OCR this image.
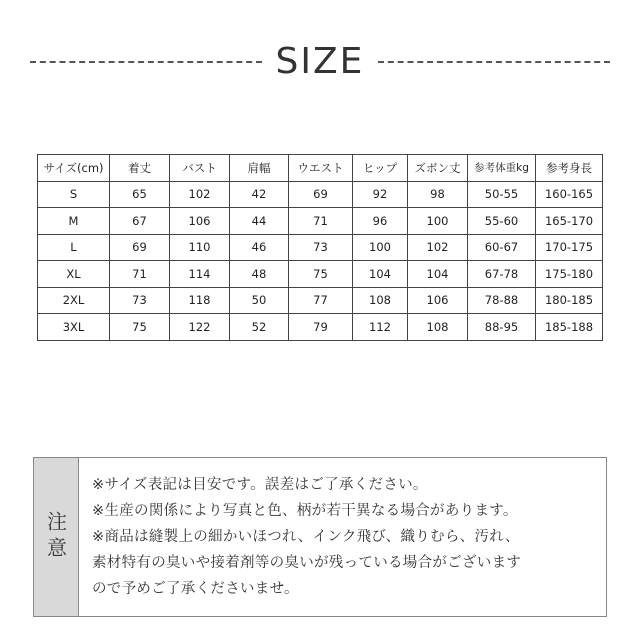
SIZE
サイズ(cm)	着丈	バスト	肩幅	ウエスト	ヒップ	ズボン丈	参考体重kg	参考身長
S	65	102	42	69	92	98	50-55	160-165
M	67	106	44	71	96	100	55-60	165-170
L	69	110	46	73	100	102	60-67	170-175
XL	71	114	48	75	104	104	67-78	175-180
2XL	73	118	50	77	108	106	78-88	180-185
3XL	75	122	52	79	112	108	88-95	185-188
注意
※サイズ表記は目安です。誤差はご了承ください。
※生産の関係により写真と色、柄が若干異なる場合があります。
※商品は縫製上の細かいほつれ、インク飛び、織りむら、汚れ、
素材特有の臭いや接着剤等の臭いが残っている場合がございます
ので予めご了承くださいませ。
